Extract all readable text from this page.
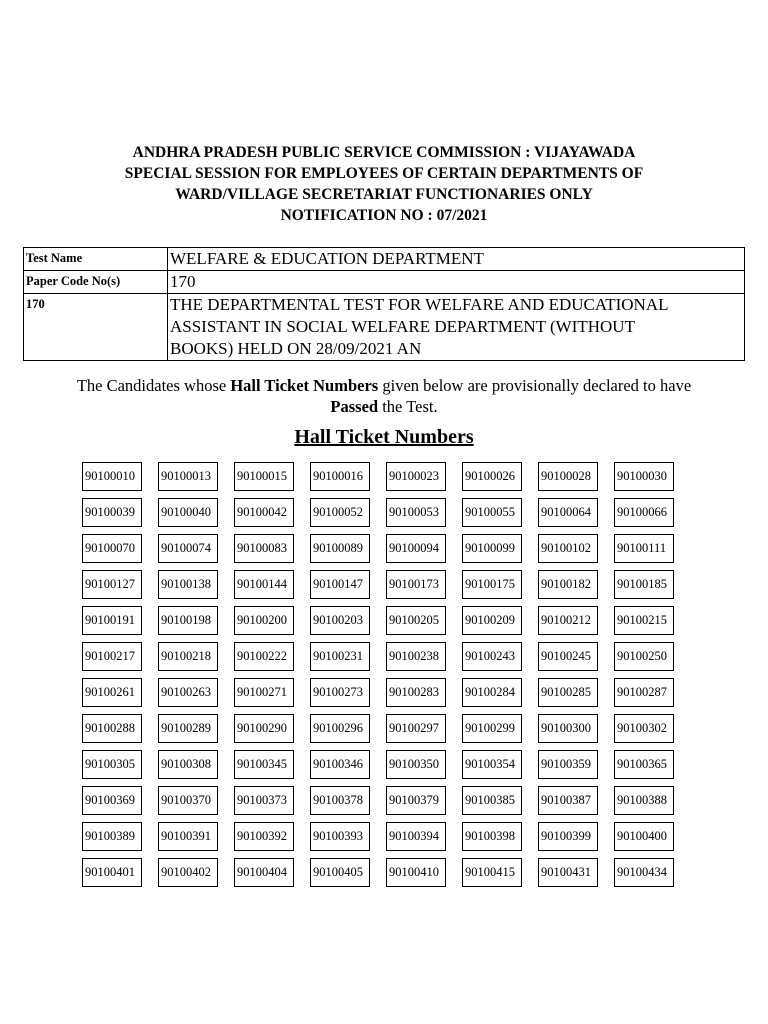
ANDHRA PRADESH PUBLIC SERVICE COMMISSION : VIJAYAWADA
SPECIAL SESSION FOR EMPLOYEES OF CERTAIN DEPARTMENTS OF
WARD/VILLAGE SECRETARIAT FUNCTIONARIES ONLY
NOTIFICATION NO : 07/2021
Test Name	WELFARE & EDUCATION DEPARTMENT
Paper Code No(s)	170
170	THE DEPARTMENTAL TEST FOR WELFARE AND EDUCATIONAL
ASSISTANT IN SOCIAL WELFARE DEPARTMENT (WITHOUT
BOOKS) HELD ON 28/09/2021 AN
The Candidates whose Hall Ticket Numbers given below are provisionally declared to have
Passed the Test.
Hall Ticket Numbers
90100010	90100013	90100015	90100016	90100023	90100026	90100028	90100030
90100039	90100040	90100042	90100052	90100053	90100055	90100064	90100066
90100070	90100074	90100083	90100089	90100094	90100099	90100102	90100111
90100127	90100138	90100144	90100147	90100173	90100175	90100182	90100185
90100191	90100198	90100200	90100203	90100205	90100209	90100212	90100215
90100217	90100218	90100222	90100231	90100238	90100243	90100245	90100250
90100261	90100263	90100271	90100273	90100283	90100284	90100285	90100287
90100288	90100289	90100290	90100296	90100297	90100299	90100300	90100302
90100305	90100308	90100345	90100346	90100350	90100354	90100359	90100365
90100369	90100370	90100373	90100378	90100379	90100385	90100387	90100388
90100389	90100391	90100392	90100393	90100394	90100398	90100399	90100400
90100401	90100402	90100404	90100405	90100410	90100415	90100431	90100434
